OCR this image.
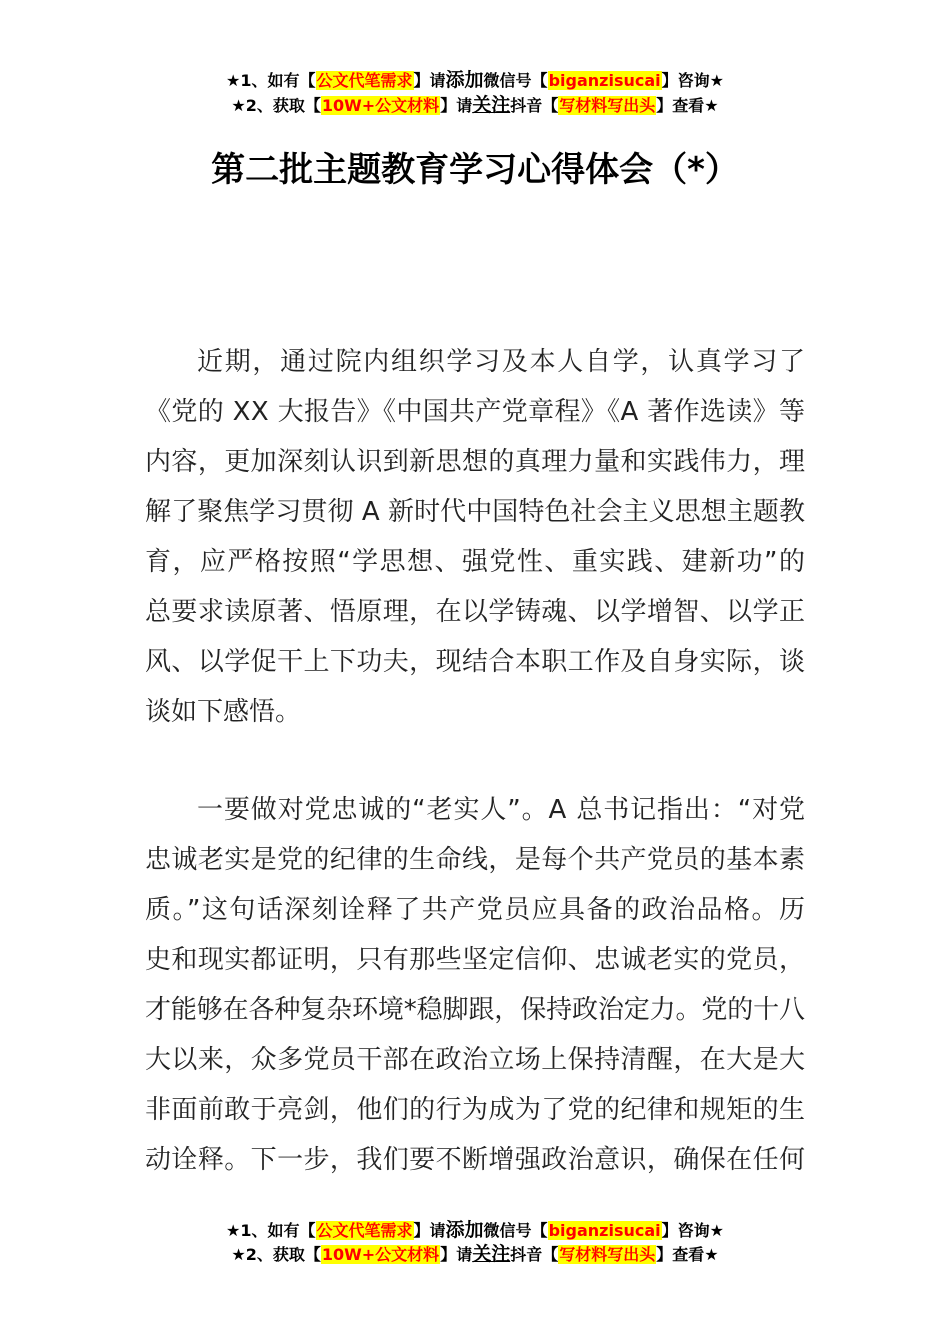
★1、如有【公文代笔需求】请添加微信号【biganzisucai】咨询★
★2、获取【10W+公文材料】请关注抖音【写材料写出头】查看★
第二批主题教育学习心得体会（*）
近期，通过院内组织学习及本人自学，认真学习了
《党的 XX 大报告》《中国共产党章程》《A 著作选读》等
内容，更加深刻认识到新思想的真理力量和实践伟力，理
解了聚焦学习贯彻 A 新时代中国特色社会主义思想主题教
育，应严格按照“学思想、强党性、重实践、建新功”的
总要求读原著、悟原理，在以学铸魂、以学增智、以学正
风、以学促干上下功夫，现结合本职工作及自身实际，谈
谈如下感悟。
一要做对党忠诚的“老实人”。A 总书记指出：“对党
忠诚老实是党的纪律的生命线，是每个共产党员的基本素
质。”这句话深刻诠释了共产党员应具备的政治品格。历
史和现实都证明，只有那些坚定信仰、忠诚老实的党员，
才能够在各种复杂环境*稳脚跟，保持政治定力。党的十八
大以来，众多党员干部在政治立场上保持清醒，在大是大
非面前敢于亮剑，他们的行为成为了党的纪律和规矩的生
动诠释。下一步，我们要不断增强政治意识，确保在任何
★1、如有【公文代笔需求】请添加微信号【biganzisucai】咨询★
★2、获取【10W+公文材料】请关注抖音【写材料写出头】查看★
